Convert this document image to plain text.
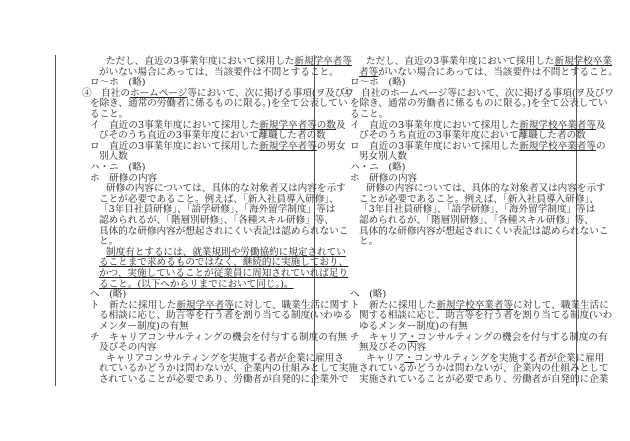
ただし、直近の3事業年度において採用した新規学卒者等
がいない場合にあっては、当該要件は不問とすること。
ロ～ホ　(略)
④　自社のホームページ等において、次に掲げる事項(ヲ及びワ
を除き、通常の労働者に係るものに限る。)を全て公表してい
ること。
イ　直近の3事業年度において採用した新規学卒者等の数及
びそのうち直近の3事業年度において離職した者の数
ロ　直近の3事業年度において採用した新規学卒者等の男女
別人数
ハ・ニ　(略)
ホ　研修の内容
研修の内容については、具体的な対象者又は内容を示す
ことが必要であること。例えば、「新入社員導入研修」、
「3年目社員研修」、「語学研修」、「海外留学制度」等は
認められるが、「階層別研修」、「各種スキル研修」等、
具体的な研修内容が想起されにくい表記は認められないこ
と。
制度有とするには、就業規則や労働協約に規定されてい
ることまで求めるものではなく、継続的に実施しており、
かつ、実施していることが従業員に周知されていれば足り
ること。(以下へからリまでにおいて同じ。)。
へ　(略)
ト　新たに採用した新規学卒者等に対して、職業生活に関す
る相談に応じ、助言等を行う者を割り当てる制度(いわゆる
メンター制度)の有無
チ　キャリアコンサルティングの機会を付与する制度の有無
及びその内容
キャリアコンサルティングを実施する者が企業に雇用さ
れているかどうかは問わないが、企業内の仕組みとして実施
されていることが必要であり、労働者が自発的に企業外で
ただし、直近の3事業年度において採用した新規学校卒業
者等がいない場合にあっては、当該要件は不問とすること。
ロ～ホ　(略)
④　自社のホームページ等において、次に掲げる事項(ヲ及びワ
を除き、通常の労働者に係るものに限る。)を全て公表してい
ること。
イ　直近の3事業年度において採用した新規学校卒業者等及
びそのうち直近の3事業年度において離職した者の数
ロ　直近の3事業年度において採用した新規学校卒業者等の
男女別人数
ハ・ニ　(略)
ホ　研修の内容
研修の内容については、具体的な対象者又は内容を示す
ことが必要であること。例えば、「新入社員導入研修」、
「3年目社員研修」、「語学研修」、「海外留学制度」等は
認められるが、「階層別研修」、「各種スキル研修」等、
具体的な研修内容が想起されにくい表記は認められないこ
と。
へ　(略)
ト　新たに採用した新規学校卒業者等に対して、職業生活に
関する相談に応じ、助言等を行う者を割り当てる制度(いわ
ゆるメンター制度)の有無
チ　キャリア・コンサルティングの機会を付与する制度の有
無及びその内容
キャリア・コンサルティングを実施する者が企業に雇用
されているかどうかは問わないが、企業内の仕組みとして
実施されていることが必要であり、労働者が自発的に企業
